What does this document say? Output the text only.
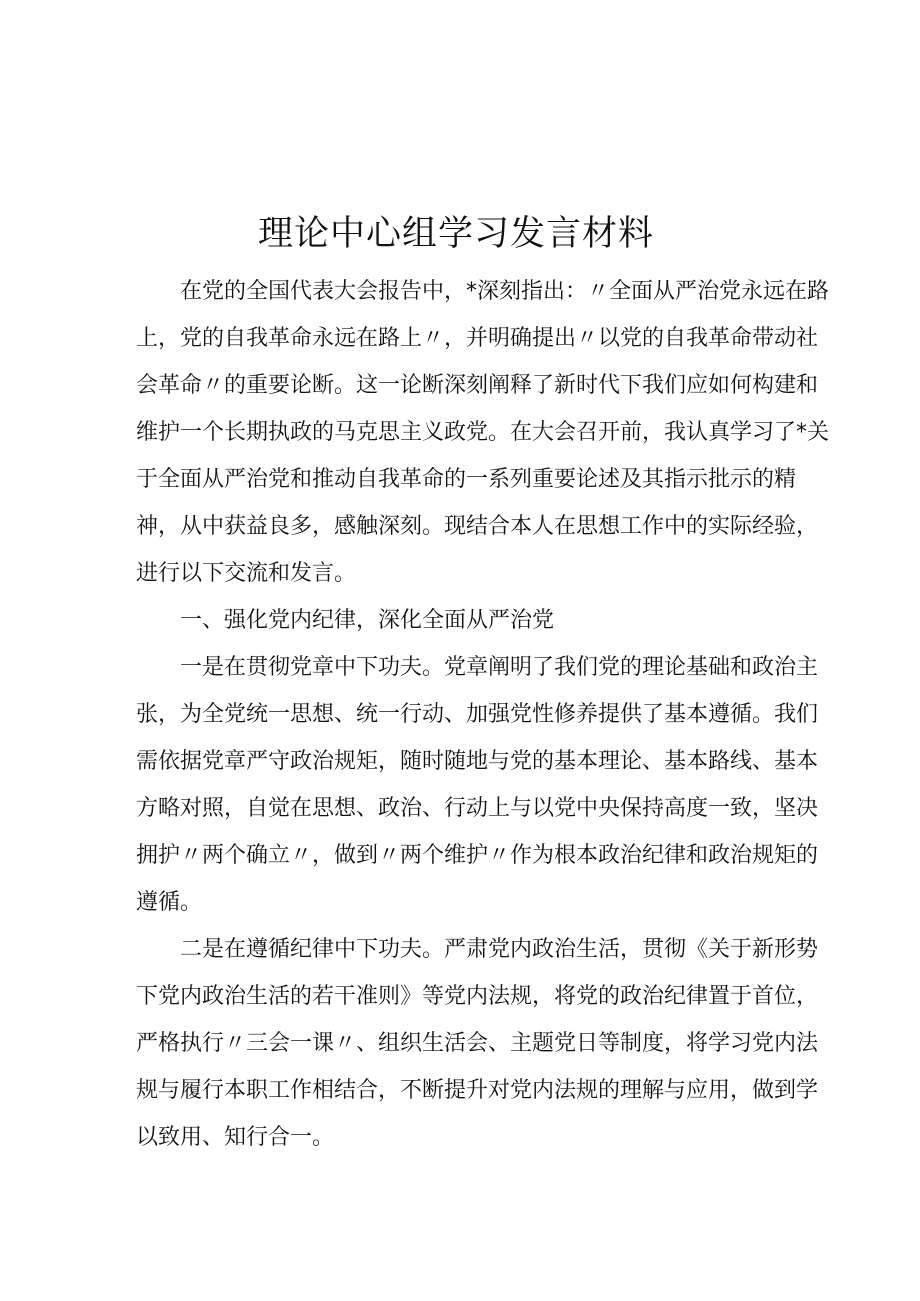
理论中心组学习发言材料
在党的全国代表大会报告中，*深刻指出：〃全面从严治党永远在路
上，党的自我革命永远在路上〃，并明确提出〃以党的自我革命带动社
会革命〃的重要论断。这一论断深刻阐释了新时代下我们应如何构建和
维护一个长期执政的马克思主义政党。在大会召开前，我认真学习了*关
于全面从严治党和推动自我革命的一系列重要论述及其指示批示的精
神，从中获益良多，感触深刻。现结合本人在思想工作中的实际经验，
进行以下交流和发言。
一、强化党内纪律，深化全面从严治党
一是在贯彻党章中下功夫。党章阐明了我们党的理论基础和政治主
张，为全党统一思想、统一行动、加强党性修养提供了基本遵循。我们
需依据党章严守政治规矩，随时随地与党的基本理论、基本路线、基本
方略对照，自觉在思想、政治、行动上与以党中央保持高度一致，坚决
拥护〃两个确立〃，做到〃两个维护〃作为根本政治纪律和政治规矩的
遵循。
二是在遵循纪律中下功夫。严肃党内政治生活，贯彻《关于新形势
下党内政治生活的若干准则》等党内法规，将党的政治纪律置于首位，
严格执行〃三会一课〃、组织生活会、主题党日等制度，将学习党内法
规与履行本职工作相结合，不断提升对党内法规的理解与应用，做到学
以致用、知行合一。
